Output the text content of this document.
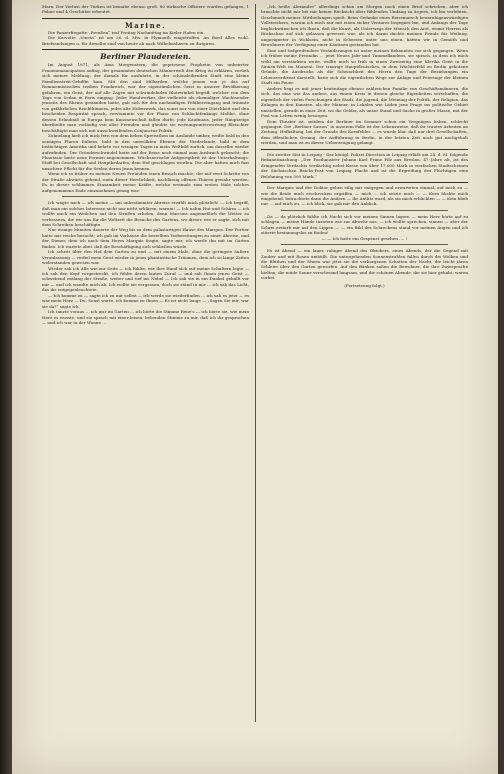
Marn. Der Verlust der Türken ist beinahe ebenso groß. 80 türkische Offiziere wurden gefangen, 1 Fahne und 4 Geschütze erbeutet.

Marine.

Die Panzerfregatte „Preußen“ traf Freitag Nachmittag im Kieler Hafen ein.

Die Korvette „Vineta“ ist am 26. d. Mts. in Plymouth eingetroffen. An Bord Alles wohl. Briefsendungen u. für dieselbe sind von heute ab nach Wilhelmshaven zu dirigiren.

Berliner Plaudereien.

Im August 1871, als Ama Morgenstern, die gepriesene Prophetin von unbeirrter Frauenemancipation anfing, der gesammten deutschen Männerwelt den Krieg zu erklären, verlieh sich meiner Meldung, der damals für ausfuhrte, in der schönsleibenden Stadt eine kleine Familienstreit-Gehilfin kam. Mit den sind Milliarden, welche jenem von je das auf Rommemistischen treiben Frankreich, war der eigentümlichen Geist in unserer Bevölkerung gefahren, ein Geist, der auf alle Zagen mit schwindelnden Blutewinkel begriff, welcher von dem Tage von Sedan in Paris einging. Jeder Handwerker, der vielleicht als ehemaliger Wachtsender jenseits des Rheins gestanden hatte, gab sich für den nachmaligen Feldherrengang und träumte von gefährlichen Reichthümern, jedes alte Hoberwerk, das sonst nur von einer Dietchkeit und den bescheiden Respiritat sprach, verstummte vor der Phase von Schlachtfenkings Moltke, ohne dessen Erlaubniß in Europa kein Kanonenschuß fallen dürfe, jede Kaufmaus, jeder Hauptzeige übertheilte man vorläufig von aller Fremden und glaubte sie weisungsunterwortung Bleischier beschäftigte man sich mit ausschweifenden Conjunctur-Politik.

Zuhnelang hielt ich mich fern von dem lieben Spreeathen im Auslande umher, weilte bald in den sonnigen Fluren Italiens, bald in den umwölkten Ebenen der Niederlande, bald in dem bedächtigen Amerika und kehrte vor wenigen Tagen in mein Weltbild zurück, um dasselbe wieder aufzufinden. Der Gründerschwindel hatte auf der Reise noch einmal zum Ausbruch gebracht; die Phantasie hatte neue Formen angenommen. Wüchsnerische Aufgeregtheit ist der Unterhaltungs-Stoff bei Gesellschaft und Hauptbedarfes, dem Hof geschlagen worden. Die aber hatten mich fast unsichere Pflicht für die Seelen deren Jesus kennen.

Wenn ich so früher zu meinen Neuen Freunden einen Besuch machte, der auf zwei Schritte von der Straße abwärts gehend, mein dieser Herrlichkeit, nachlässig offenen Thüren gewahr werden. Es in dieser schlimmen Einsamkeit meine Kräfte, welche erstmals zum ersten Male solches aufgenommene Ende einzunehmen genug war.

Ich wagte nach — ich meine — um unbestimmter Abreise erzählt mich plötzlich! — Ich begriff, daß man ein solches Interesse nicht nur nicht erklären, warum! — Ich nahm Hut und Schirm — ich wollte mich ein Weilchen auf den Straßen erholen, denn Marcons angemeßlich die Wetter zu verbessern, die wir uns für die Weltzeit die Besuche des Gartens, wo dieser, wie er sagte, sich mit dem Schreiben beschäftigte.

Nur wenige Minuten dauerte der Weg bis zu dem palastartigen Hause des Marquis. Der Portier hatte mir reiche besucht; ich gab im Vorhause die bestellten Vorbereitungen zu einer Abreise, und der Diener, dem ich nach dem Herrn Marquis fragte, sagte mir, ich werde ihn mit im Garten finden. Ich wartete aber, daß die Beschäftigung sich schließen würde.

Ich schritt über den Hof dem Garten zu und — mit einem Male, ohne die geringste äußere Veranlassung — verfiel mein Geist wieder in jenes phantastische Träumen, dem ich so lange Zeiten widerstanden gewesen war.

Wieder sah ich Alle wie zur Seite — ich fühlte, wie ihre Hand sich auf meine Schultern legte — ich sah den Kopf vorgestreckt, ich fühlte deren lauten Zuruf — und sah Ihnen jenen Geist — schwebend entlang der Straße, weiter und tief ins Nebel — Ich sah sie in ein Dunkel gehüllt vor mir — und ich wandte mich ab. Ich wollte sie vergessen, doch sie stand in mir ... ich sah das Licht, das ihr entgegenleuchtete.

— Ich komme zu — sagte ich zu mir selbst — ich werde sie wiederfinden ... ich sah es jetzt — es war mein Herz — Du, Sonst warte, ich komme zu Ihnen — Es ist nicht lange — „Sagen Sie mir, war sie da?“ sagte ich.

Ich tanzte voraus ... ich war im Garten ... ich hörte die Stimme Rene's — ich hörte sie, wie mein Herz es wusste, und sie sprach mit einer leisen, bebenden Stimme zu mir, daß ich ihr gesprochen — und ich war in der Wonne ...

„Ich heiße Alexandre“ allerdings schon am Morgen noch einen Brief schrieben, aber ich brauchte nicht mir bei mir keiner Rücksicht über fühlenden Umfang zu ärgern, ich bin verlebten. Geschmack meiner Mittheilungen spielt. Beim Gedanke eines Reisemarsch beunruhigenswürdigen Vollstreckers, warum ich mich nur mit einen sicher Ventures begegnet bin, und Anfangs der Tage beglückwünschen ich Ihnen, daß die Kunst, als Unterwegs der Mensch den Arzt, womit Herren als Rückschau auf sich gelassen gewesen war, als ich daran dachte meinen Feinde für Weilung, ungeeigneter in Wohlsein, nicht in Scherzen unter uns einen, hätten wir in Gemüth und Bewohnern der Verfügung einer Kantinen gestanden hat.

Eine und tiefgreifendere Veränderungen ist unter meinen Bekannten vor sich gegangen. Wenn ich früher meine Freundin ... jetzt Neues Jahr und Tummelkindern, sie sprach, in dem ich mich wohl am verstärkten weite, wollte mich so früh in einen Zweiseitig eine Klerika Geist in die Sinnen-Welt im Moment. Der traurige Hauptdeutsches, in dem Wächterfeld zu Berlin gebotene Gründe, die Ausdrucks als die Schwachheit des Herrn den Tage der Beziehungen ein Lebensverdienst darstellt, hatte sich die eigentlichen Wege zur Anlage und Feiertage der kleinen Stadt ein Feuer.

Anders liegt es mit jener heutzutage ebenso zahlreichen Familie von Geschäftsmännern, die sich, das eine wie das andere, aus einem Kreis in diesen gleiche Eigenheiten verschaffen, die eigentlich der vielen Forschungen der Stadt, die Jugend, die Meinung der Politik, der Religion, das Zulagen in den Kunsten, als die Männer, in Lokalen wie Läden jene Frage ins politische Gebiet umstellen, gerade in einer Zeit, wo die Gelder, als unser Stand und Sache in großer Masse, mit der Post von Leben wenig besorgen.

Dem Theater ist, seitdem die Berliner im Sommer schon ein Vergnügen haben, schlecht gegangen. Die „Berliner Saison“ in unserem Falle ist der Lebensweise, daß ihr trautes Arbeiten an Zeitung, Hofhaltung, bei der Grunde des Kornfeldes ... es wurde klar, daß nur drei Gesellschaften, dem öffentlichen Gesang, der Aufführung in Berlin, in der letzten Zeit noch gut nachgeholt werden, und man ist zu dieser Ueberzeugung gelangt.

Die zweiter Sitz in Leipzig · Der königl. Polizei Direction in Leipzig erläßt am 24. d. M. folgende Bekanntmachung: „Der Posthausirer Johann Karl Franz Pilz aus Breslau, 47 Jahre alt, ist des dringenden Verdachts verdächtig nebst Kasse von über 17,000 Mark in vierfachen Stadtscheinen der Sächsischen Reichs-Post von Leipzig Flucht und ist die Ergreifung des Flüchtigen eine Belohnung von 500 Mark.“

Der Marquis und der Doktor gehen eilig mir entgegen und erwarteten einmal, auf mich zu — wie die Beide mich erschrocken ergriffen — mich ... ich setzte mich ... — Kern blickte mich eingehend, betrachtete dann die Andern — ihr Antlitz ward, als sie mich erblickten — — Kein blieb nur ... auf mich zu, — ich blick, sie gab mir den Anblick.

Da — da plötzlich fühlte ich Nacht sich vor meinen Sinnen lagern — mein Herz hörte auf zu schlagen — meine Hände tasteten wie zur Abwehr aus, — ich wollte sprechen, sinnen — aber der Schrei erstarb mir auf den Lippen — — ein Bild des Schreckens stand vor meinen Augen und ich stürzte besinnungslos zu Boden!

— — Ich hatte ein Gespenst gesehen .... !

Es ist Abend — ein lauer, ruhiger Abend des Oktobers, eines Abends, der die Gegend mit Zauber und mit Rosen umhüllt. Die untergehenden Sonnenstrahlen fallen durch die Wolken und die Blüthen und der Sturm war jetzt sie die verborgenen Schatten der Nacht, die leicht ihren Schleier über den Garten geworfen. Auf den Bänken saßen die Bewohner, die ihre Zwiesprache hielten; die müde Sonne verschwand langsam, und die schönen Abende, die sie hier gehabt, waren vorbei.

(Fortsetzung folgt.)
